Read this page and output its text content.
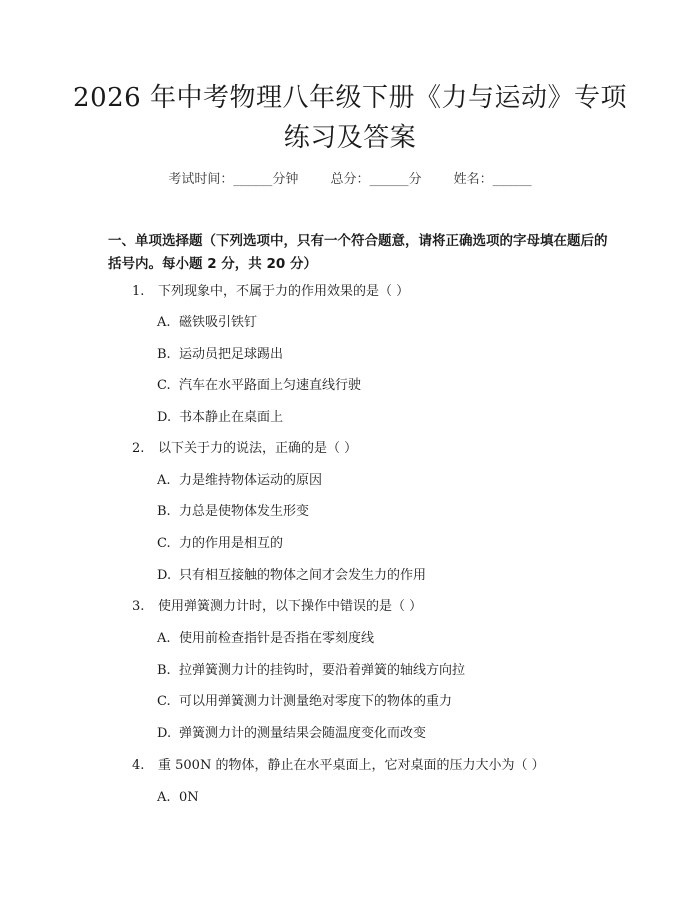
2026 年中考物理八年级下册《力与运动》专项练习及答案
考试时间：______分钟 总分：______分 姓名：______
一、单项选择题（下列选项中，只有一个符合题意，请将正确选项的字母填在题后的括号内。每小题 2 分，共 20 分）
1. 下列现象中，不属于力的作用效果的是（ ）
A. 磁铁吸引铁钉
B. 运动员把足球踢出
C. 汽车在水平路面上匀速直线行驶
D. 书本静止在桌面上
2. 以下关于力的说法，正确的是（ ）
A. 力是维持物体运动的原因
B. 力总是使物体发生形变
C. 力的作用是相互的
D. 只有相互接触的物体之间才会发生力的作用
3. 使用弹簧测力计时，以下操作中错误的是（ ）
A. 使用前检查指针是否指在零刻度线
B. 拉弹簧测力计的挂钩时，要沿着弹簧的轴线方向拉
C. 可以用弹簧测力计测量绝对零度下的物体的重力
D. 弹簧测力计的测量结果会随温度变化而改变
4. 重 500N 的物体，静止在水平桌面上，它对桌面的压力大小为（ ）
A. 0N
